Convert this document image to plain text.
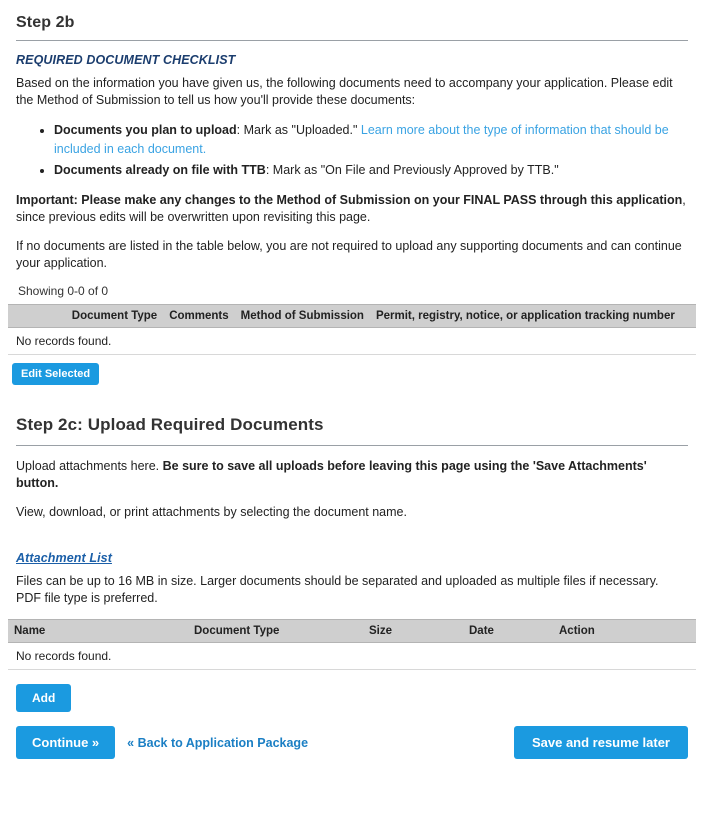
Step 2b
REQUIRED DOCUMENT CHECKLIST

Based on the information you have given us, the following documents need to accompany your application. Please edit the Method of Submission to tell us how you'll provide these documents:

• Documents you plan to upload: Mark as "Uploaded." Learn more about the type of information that should be included in each document.
• Documents already on file with TTB: Mark as "On File and Previously Approved by TTB."

Important: Please make any changes to the Method of Submission on your FINAL PASS through this application, since previous edits will be overwritten upon revisiting this page.

If no documents are listed in the table below, you are not required to upload any supporting documents and can continue your application.

Showing 0-0 of 0
	Document Type	Comments	Method of Submission	Permit, registry, notice, or application tracking number	
No records found.
Edit Selected
Step 2c: Upload Required Documents

Upload attachments here. Be sure to save all uploads before leaving this page using the 'Save Attachments' button.

View, download, or print attachments by selecting the document name.

Attachment List

Files can be up to 16 MB in size. Larger documents should be separated and uploaded as multiple files if necessary.
PDF file type is preferred.

Name	Document Type	Size	Date	Action
No records found.
Add
Continue »	« Back to Application Package	Save and resume later
